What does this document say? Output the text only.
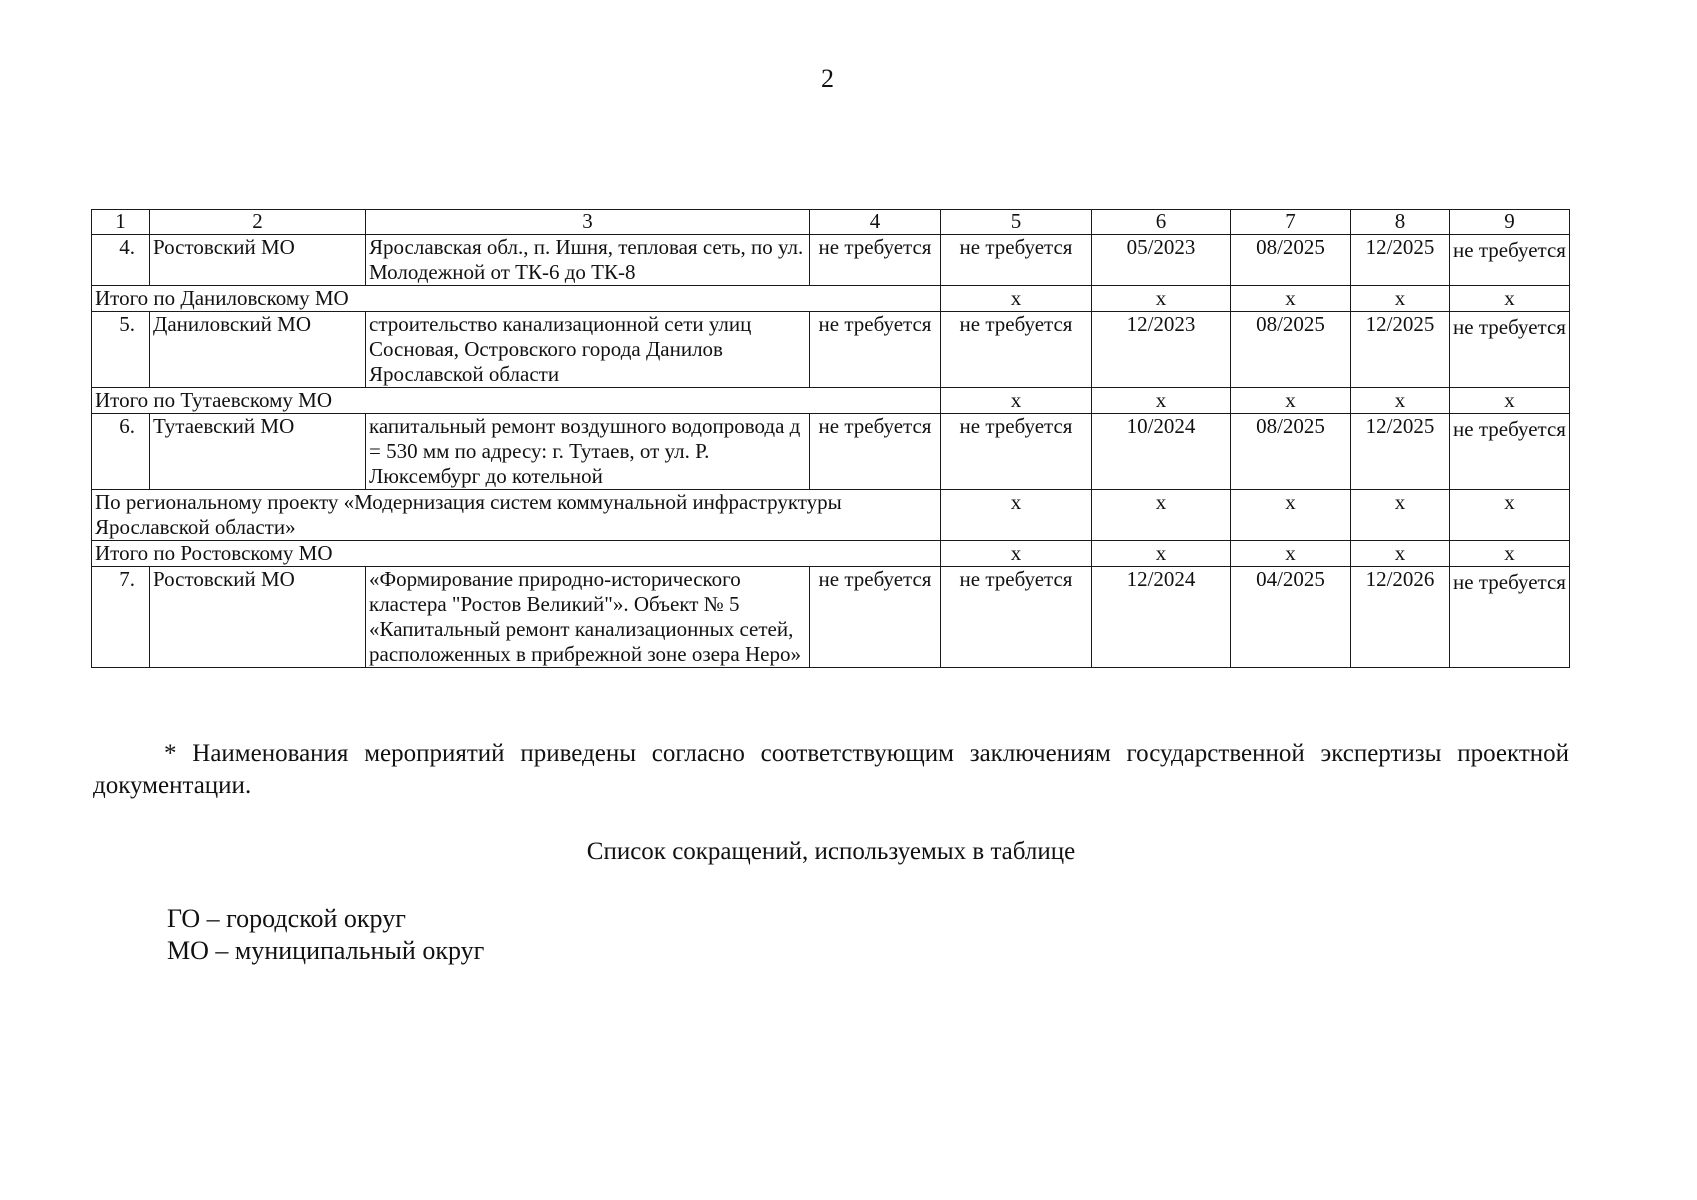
2
1	2	3	4	5	6	7	8	9
4.	Ростовский МО	Ярославская обл., п. Ишня, тепловая сеть, по ул. Молодежной от ТК-6 до ТК-8	не требуется	не требуется	05/2023	08/2025	12/2025	не требуется
Итого по Даниловскому МО				x	x	x	x	x
5.	Даниловский МО	строительство канализационной сети улиц Сосновая, Островского города Данилов Ярославской области	не требуется	не требуется	12/2023	08/2025	12/2025	не требуется
Итого по Тутаевскому МО				x	x	x	x	x
6.	Тутаевский МО	капитальный ремонт воздушного водопровода д = 530 мм по адресу: г. Тутаев, от ул. Р. Люксембург до котельной	не требуется	не требуется	10/2024	08/2025	12/2025	не требуется
По региональному проекту «Модернизация систем коммунальной инфраструктуры Ярославской области»				x	x	x	x	x
Итого по Ростовскому МО				x	x	x	x	x
7.	Ростовский МО	«Формирование природно-исторического кластера "Ростов Великий"». Объект № 5 «Капитальный ремонт канализационных сетей, расположенных в прибрежной зоне озера Неро»	не требуется	не требуется	12/2024	04/2025	12/2026	не требуется

* Наименования мероприятий приведены согласно соответствующим заключениям государственной экспертизы проектной документации.

Список сокращений, используемых в таблице

ГО – городской округ
МО – муниципальный округ
